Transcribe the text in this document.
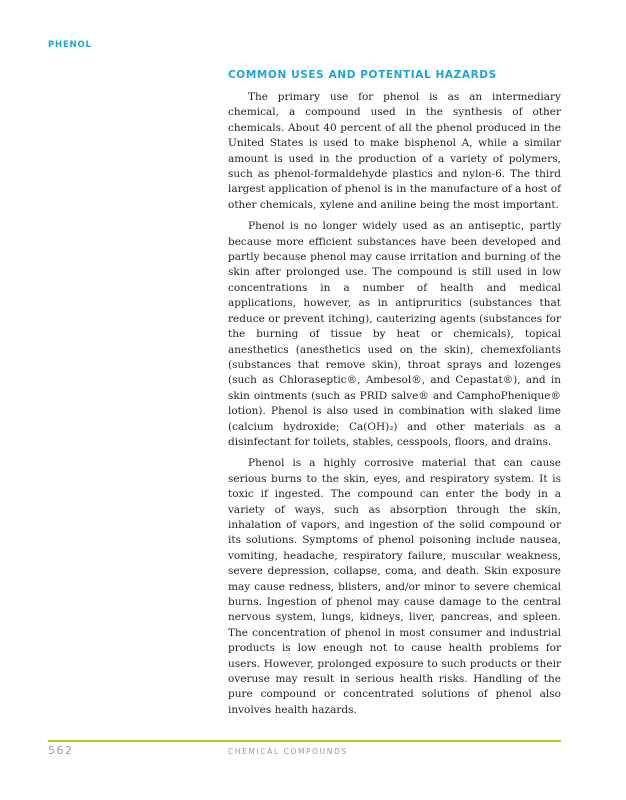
PHENOL
COMMON USES AND POTENTIAL HAZARDS

The primary use for phenol is as an intermediary chemical, a compound used in the synthesis of other chemicals. About 40 percent of all the phenol produced in the United States is used to make bisphenol A, while a similar amount is used in the production of a variety of polymers, such as phenol-formaldehyde plastics and nylon-6. The third largest application of phenol is in the manufacture of a host of other chemicals, xylene and aniline being the most important.

Phenol is no longer widely used as an antiseptic, partly because more efficient substances have been developed and partly because phenol may cause irritation and burning of the skin after prolonged use. The compound is still used in low concentrations in a number of health and medical applications, however, as in antipruritics (substances that reduce or prevent itching), cauterizing agents (substances for the burning of tissue by heat or chemicals), topical anesthetics (anesthetics used on the skin), chemexfoliants (substances that remove skin), throat sprays and lozenges (such as Chloraseptic®, Ambesol®, and Cepastat®), and in skin ointments (such as PRID salve® and CamphoPhenique® lotion). Phenol is also used in combination with slaked lime (calcium hydroxide; Ca(OH)₂) and other materials as a disinfectant for toilets, stables, cesspools, floors, and drains.

Phenol is a highly corrosive material that can cause serious burns to the skin, eyes, and respiratory system. It is toxic if ingested. The compound can enter the body in a variety of ways, such as absorption through the skin, inhalation of vapors, and ingestion of the solid compound or its solutions. Symptoms of phenol poisoning include nausea, vomiting, headache, respiratory failure, muscular weakness, severe depression, collapse, coma, and death. Skin exposure may cause redness, blisters, and/or minor to severe chemical burns. Ingestion of phenol may cause damage to the central nervous system, lungs, kidneys, liver, pancreas, and spleen. The concentration of phenol in most consumer and industrial products is low enough not to cause health problems for users. However, prolonged exposure to such products or their overuse may result in serious health risks. Handling of the pure compound or concentrated solutions of phenol also involves health hazards.

562	CHEMICAL COMPOUNDS
